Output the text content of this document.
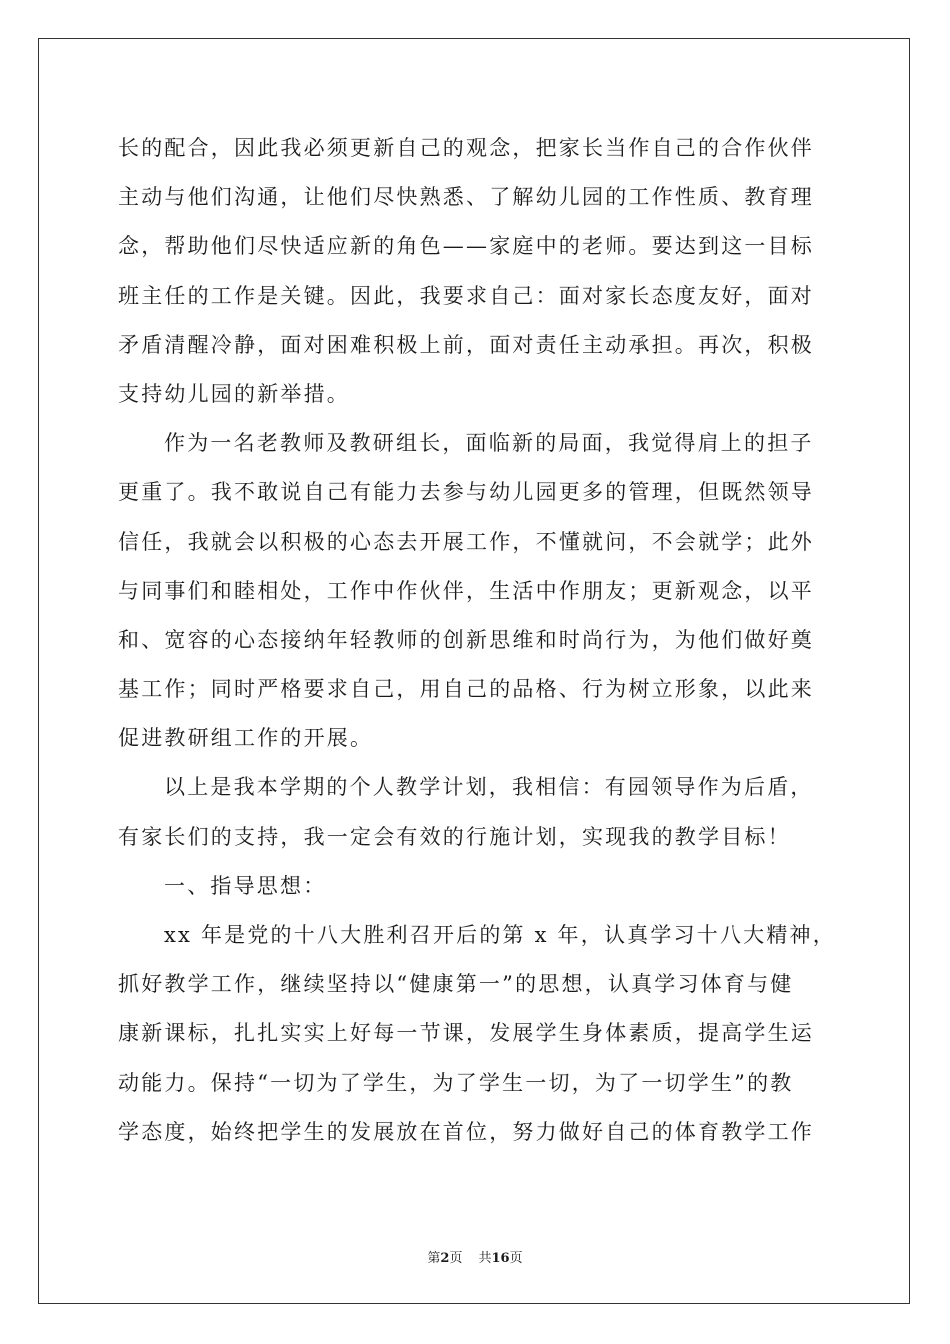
长的配合，因此我必须更新自己的观念，把家长当作自己的合作伙伴
主动与他们沟通，让他们尽快熟悉、了解幼儿园的工作性质、教育理
念，帮助他们尽快适应新的角色——家庭中的老师。要达到这一目标
班主任的工作是关键。因此，我要求自己：面对家长态度友好，面对
矛盾清醒冷静，面对困难积极上前，面对责任主动承担。再次，积极
支持幼儿园的新举措。
作为一名老教师及教研组长，面临新的局面，我觉得肩上的担子
更重了。我不敢说自己有能力去参与幼儿园更多的管理，但既然领导
信任，我就会以积极的心态去开展工作，不懂就问，不会就学；此外
与同事们和睦相处，工作中作伙伴，生活中作朋友；更新观念，以平
和、宽容的心态接纳年轻教师的创新思维和时尚行为，为他们做好奠
基工作；同时严格要求自己，用自己的品格、行为树立形象，以此来
促进教研组工作的开展。
以上是我本学期的个人教学计划，我相信：有园领导作为后盾，
有家长们的支持，我一定会有效的行施计划，实现我的教学目标！
一、指导思想：
xx 年是党的十八大胜利召开后的第 x 年，认真学习十八大精神，
抓好教学工作，继续坚持以“健康第一”的思想，认真学习体育与健
康新课标，扎扎实实上好每一节课，发展学生身体素质，提高学生运
动能力。保持“一切为了学生，为了学生一切，为了一切学生”的教
学态度，始终把学生的发展放在首位，努力做好自己的体育教学工作
第2页 共16页
